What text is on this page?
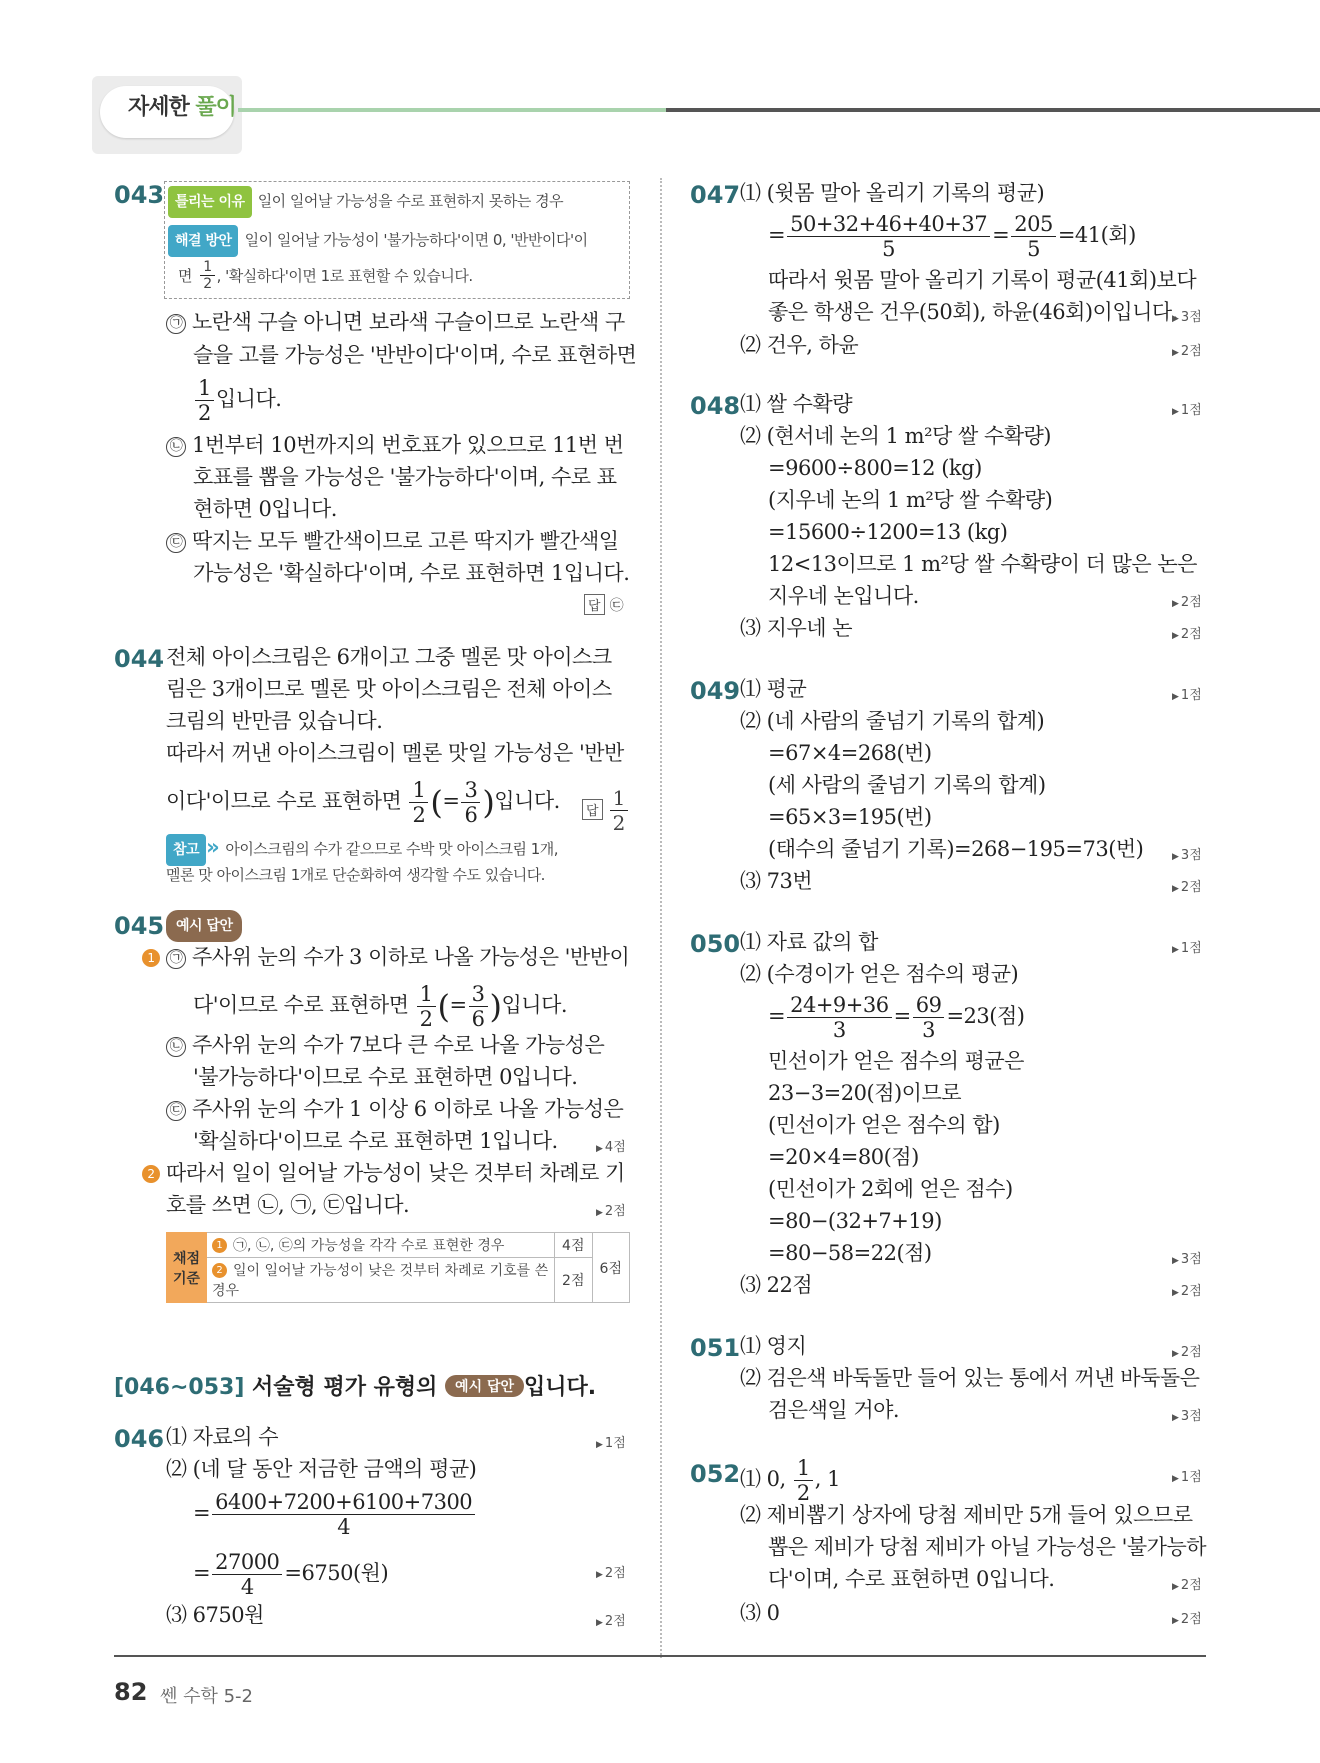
자세한 풀이
043 틀리는 이유 일이 일어날 가능성을 수로 표현하지 못하는 경우
해결 방안 일이 일어날 가능성이 '불가능하다'이면 0, '반반이다'이
면 $\frac{1}{2}$ , '확실하다'이면 1로 표현할 수 있습니다.
㉠ 노란색 구슬 아니면 보라색 구슬이므로 노란색 구
슬을 고를 가능성은 '반반이다'이며, 수로 표현하면
$\frac{1}{2}$ 입니다.
㉡ 1번부터 10번까지의 번호표가 있으므로 11번 번
호표를 뽑을 가능성은 '불가능하다'이며, 수로 표
현하면 0입니다.
㉢ 딱지는 모두 빨간색이므로 고른 딱지가 빨간색일
가능성은 '확실하다'이며, 수로 표현하면 1입니다.
답 ㉢
044 전체 아이스크림은 6개이고 그중 멜론 맛 아이스크
림은 3개이므로 멜론 맛 아이스크림은 전체 아이스
크림의 반만큼 있습니다.
따라서 꺼낸 아이스크림이 멜론 맛일 가능성은 '반반
이다'이므로 수로 표현하면 $\frac{1}{2}$ (= $\frac{3}{6}$ )입니다.	답 $\frac{1}{2}$
참고 » 아이스크림의 수가 같으므로 수박 맛 아이스크림 1개,
멜론 맛 아이스크림 1개로 단순화하여 생각할 수도 있습니다.
045 예시 답안
1 ㉠ 주사위 눈의 수가 3 이하로 나올 가능성은 '반반이
다'이므로 수로 표현하면 $\frac{1}{2}$ (= $\frac{3}{6}$ )입니다.
㉡ 주사위 눈의 수가 7보다 큰 수로 나올 가능성은
'불가능하다'이므로 수로 표현하면 0입니다.
㉢ 주사위 눈의 수가 1 이상 6 이하로 나올 가능성은
'확실하다'이므로 수로 표현하면 1입니다.	▶ 4점
2 따라서 일이 일어날 가능성이 낮은 것부터 차례로 기
호를 쓰면 ㉡, ㉠, ㉢입니다.	▶ 2점
채점 기준	1 ㉠, ㉡, ㉢의 가능성을 각각 수로 표현한 경우	4점	6점
	2 일이 일어날 가능성이 낮은 것부터 차례로 기호를 쓴 경우	2점	
[046~053] 서술형 평가 유형의 예시 답안 입니다.
046 ⑴ 자료의 수	▶ 1점
⑵ (네 달 동안 저금한 금액의 평균)
= $\frac{6400+7200+6100+7300}{4}$
= $\frac{27000}{4} =6750$(원)	▶ 2점
⑶ 6750원	▶ 2점
047 ⑴ (윗몸 말아 올리기 기록의 평균)
= $\frac{50+32+46+40+37}{5} = \frac{205}{5} =41$(회)
따라서 윗몸 말아 올리기 기록이 평균(41회)보다
좋은 학생은 건우(50회), 하윤(46회)이입니다. ▶ 3점
⑵ 건우, 하윤	▶ 2점
048 ⑴ 쌀 수확량	▶ 1점
⑵ (현서네 논의 1 m²당 쌀 수확량)
=9600÷800=12 (kg)
(지우네 논의 1 m²당 쌀 수확량)
=15600÷1200=13 (kg)
12<13이므로 1 m²당 쌀 수확량이 더 많은 논은
지우네 논입니다.	▶ 2점
⑶ 지우네 논	▶ 2점
049 ⑴ 평균	▶ 1점
⑵ (네 사람의 줄넘기 기록의 합계)
=67×4=268(번)
(세 사람의 줄넘기 기록의 합계)
=65×3=195(번)
(태수의 줄넘기 기록)=268−195=73(번)	▶ 3점
⑶ 73번	▶ 2점
050 ⑴ 자료 값의 합	▶ 1점
⑵ (수경이가 얻은 점수의 평균)
= $\frac{24+9+36}{3} = \frac{69}{3} =23$(점)
민선이가 얻은 점수의 평균은
23−3=20(점)이므로
(민선이가 얻은 점수의 합)
=20×4=80(점)
(민선이가 2회에 얻은 점수)
=80−(32+7+19)
=80−58=22(점)	▶ 3점
⑶ 22점	▶ 2점
051 ⑴ 영지	▶ 2점
⑵ 검은색 바둑돌만 들어 있는 통에서 꺼낸 바둑돌은
검은색일 거야.	▶ 3점
052 ⑴ 0, $\frac{1}{2}$ , 1	▶ 1점
⑵ 제비뽑기 상자에 당첨 제비만 5개 들어 있으므로
뽑은 제비가 당첨 제비가 아닐 가능성은 '불가능하
다'이며, 수로 표현하면 0입니다.	▶ 2점
⑶ 0	▶ 2점
82 쎈 수학 5-2
